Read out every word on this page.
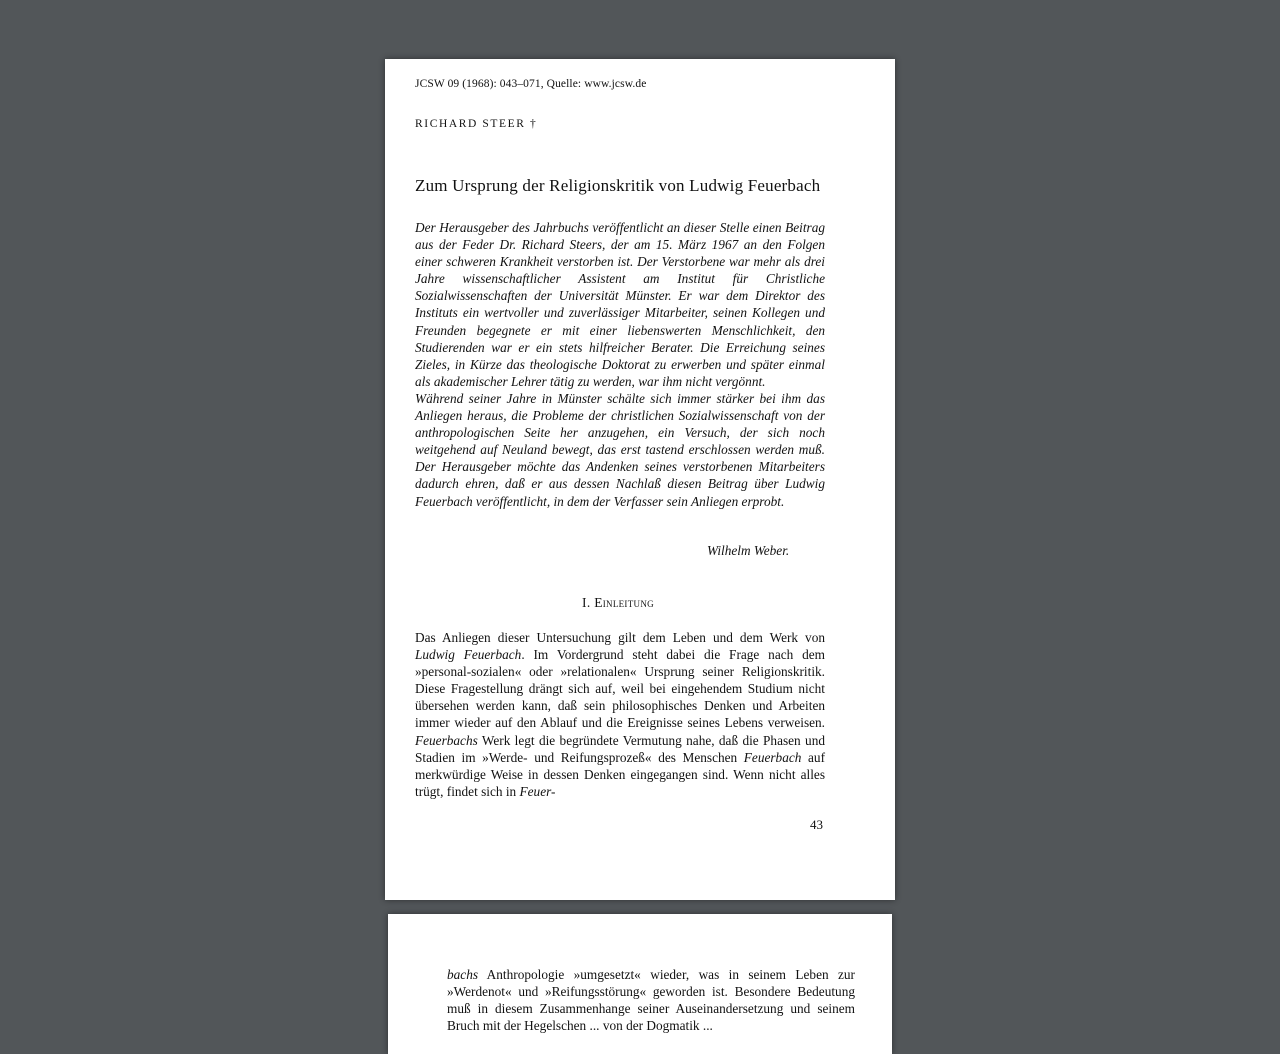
JCSW 09 (1968): 043–071, Quelle: www.jcsw.de
RICHARD STEER †
Zum Ursprung der Religionskritik von Ludwig Feuerbach

Der Herausgeber des Jahrbuchs veröffentlicht an dieser Stelle einen Beitrag aus der Feder Dr. Richard Steers, der am 15. März 1967 an den Folgen einer schweren Krankheit verstorben ist. Der Verstorbene war mehr als drei Jahre wissenschaftlicher Assistent am Institut für Christliche Sozialwissenschaften der Universität Münster. Er war dem Direktor des Instituts ein wertvoller und zuverlässiger Mitarbeiter, seinen Kollegen und Freunden begegnete er mit einer liebenswerten Menschlichkeit, den Studierenden war er ein stets hilfreicher Berater. Die Erreichung seines Zieles, in Kürze das theologische Doktorat zu erwerben und später einmal als akademischer Lehrer tätig zu werden, war ihm nicht vergönnt.

Während seiner Jahre in Münster schälte sich immer stärker bei ihm das Anliegen heraus, die Probleme der christlichen Sozialwissenschaft von der anthropologischen Seite her anzugehen, ein Versuch, der sich noch weitgehend auf Neuland bewegt, das erst tastend erschlossen werden muß. Der Herausgeber möchte das Andenken seines verstorbenen Mitarbeiters dadurch ehren, daß er aus dessen Nachlaß diesen Beitrag über Ludwig Feuerbach veröffentlicht, in dem der Verfasser sein Anliegen erprobt.

Wilhelm Weber.
I. Einleitung

Das Anliegen dieser Untersuchung gilt dem Leben und dem Werk von Ludwig Feuerbach. Im Vordergrund steht dabei die Frage nach dem »personal-sozialen« oder »relationalen« Ursprung seiner Religionskritik. Diese Fragestellung drängt sich auf, weil bei eingehendem Studium nicht übersehen werden kann, daß sein philosophisches Denken und Arbeiten immer wieder auf den Ablauf und die Ereignisse seines Lebens verweisen. Feuerbachs Werk legt die begründete Vermutung nahe, daß die Phasen und Stadien im »Werde- und Reifungsprozeß« des Menschen Feuerbach auf merkwürdige Weise in dessen Denken eingegangen sind. Wenn nicht alles trügt, findet sich in Feuer-

43

bachs Anthropologie »umgesetzt« wieder, was in seinem Leben zur »Werdenot« und »Reifungsstörung« geworden ist. Besondere Bedeutung muß in diesem Zusammenhange seiner Auseinandersetzung und seinem Bruch mit der Hegelschen ... von der Dogmatik ...
